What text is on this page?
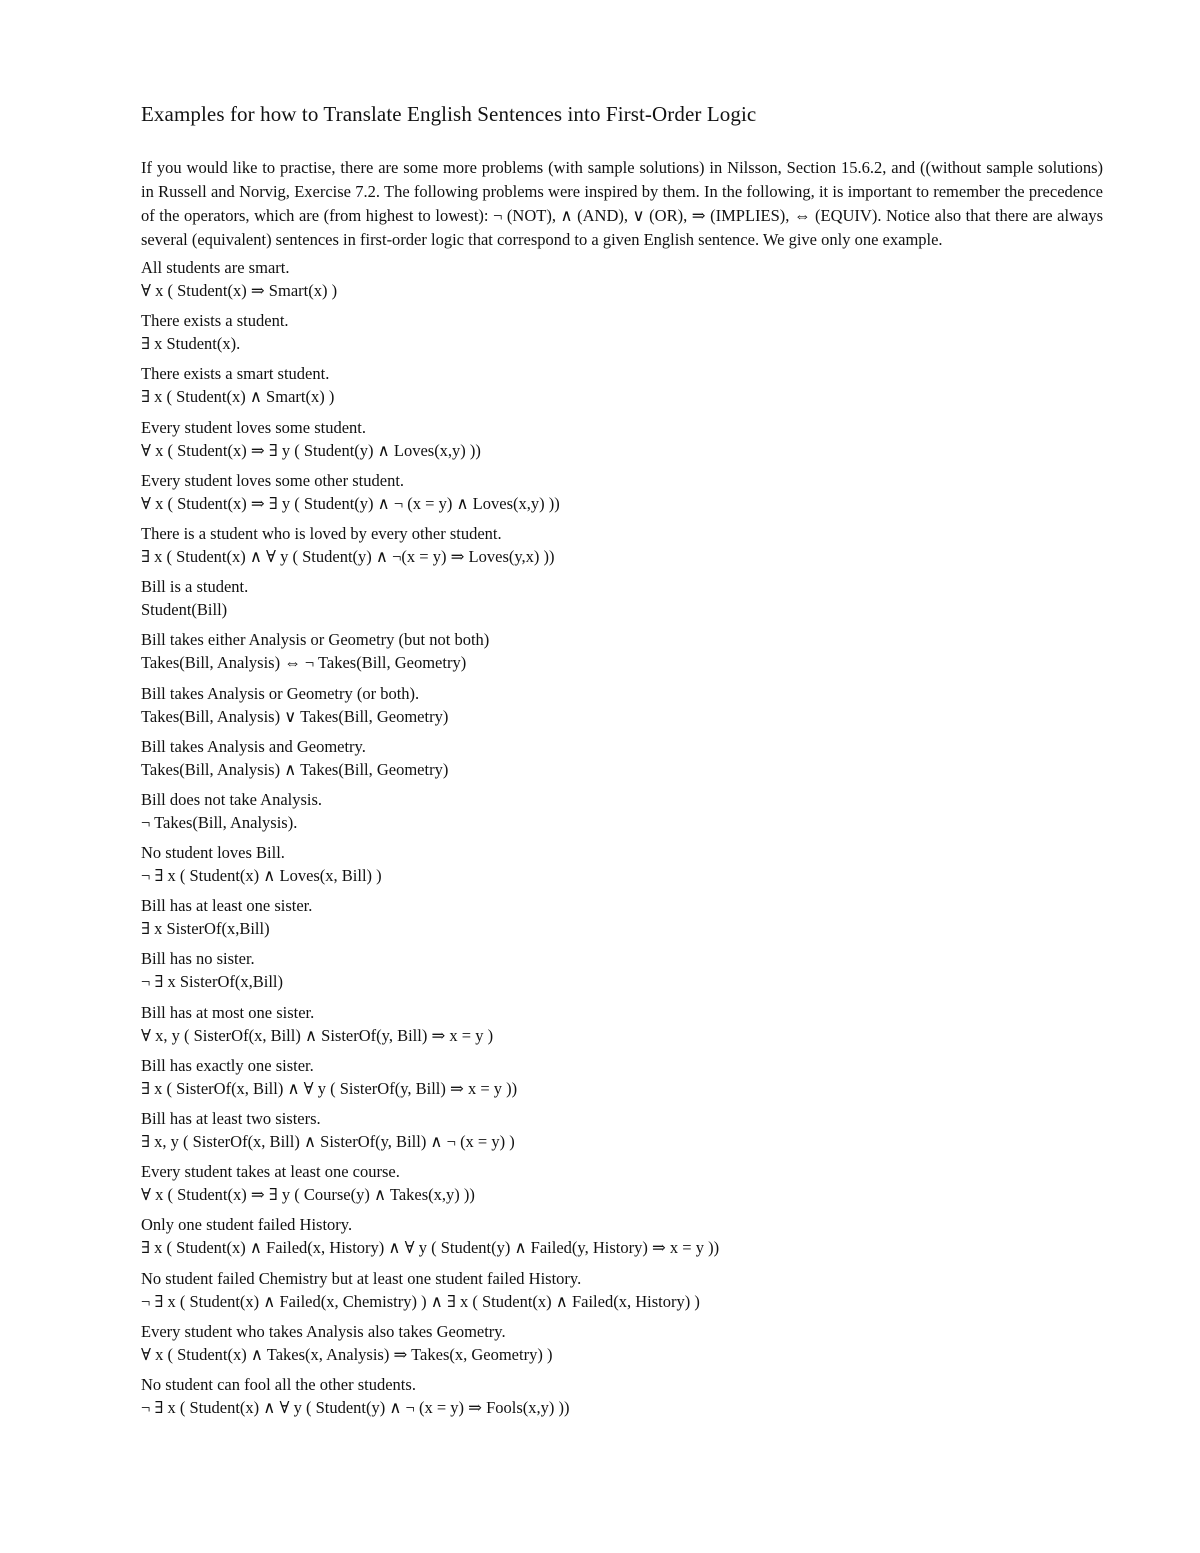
Examples for how to Translate English Sentences into First-Order Logic

If you would like to practise, there are some more problems (with sample solutions) in Nilsson, Section 15.6.2, and ((without sample solutions) in Russell and Norvig, Exercise 7.2. The following problems were inspired by them. In the following, it is important to remember the precedence of the operators, which are (from highest to lowest): ¬ (NOT), ∧ (AND), ∨ (OR), ⇒ (IMPLIES), ⇔ (EQUIV). Notice also that there are always several (equivalent) sentences in first-order logic that correspond to a given English sentence. We give only one example.

All students are smart.
∀ x ( Student(x) ⇒ Smart(x) )
There exists a student.
∃ x Student(x).
There exists a smart student.
∃ x ( Student(x) ∧ Smart(x) )
Every student loves some student.
∀ x ( Student(x) ⇒ ∃ y ( Student(y) ∧ Loves(x,y) ))
Every student loves some other student.
∀ x ( Student(x) ⇒ ∃ y ( Student(y) ∧ ¬ (x = y) ∧ Loves(x,y) ))
There is a student who is loved by every other student.
∃ x ( Student(x) ∧ ∀ y ( Student(y) ∧ ¬(x = y) ⇒ Loves(y,x) ))
Bill is a student.
Student(Bill)
Bill takes either Analysis or Geometry (but not both)
Takes(Bill, Analysis) ⇔ ¬ Takes(Bill, Geometry)
Bill takes Analysis or Geometry (or both).
Takes(Bill, Analysis) ∨ Takes(Bill, Geometry)
Bill takes Analysis and Geometry.
Takes(Bill, Analysis) ∧ Takes(Bill, Geometry)
Bill does not take Analysis.
¬ Takes(Bill, Analysis).
No student loves Bill.
¬ ∃ x ( Student(x) ∧ Loves(x, Bill) )
Bill has at least one sister.
∃ x SisterOf(x,Bill)
Bill has no sister.
¬ ∃ x SisterOf(x,Bill)
Bill has at most one sister.
∀ x, y ( SisterOf(x, Bill) ∧ SisterOf(y, Bill) ⇒ x = y )
Bill has exactly one sister.
∃ x ( SisterOf(x, Bill) ∧ ∀ y ( SisterOf(y, Bill) ⇒ x = y ))
Bill has at least two sisters.
∃ x, y ( SisterOf(x, Bill) ∧ SisterOf(y, Bill) ∧ ¬ (x = y) )
Every student takes at least one course.
∀ x ( Student(x) ⇒ ∃ y ( Course(y) ∧ Takes(x,y) ))
Only one student failed History.
∃ x ( Student(x) ∧ Failed(x, History) ∧ ∀ y ( Student(y) ∧ Failed(y, History) ⇒ x = y ))
No student failed Chemistry but at least one student failed History.
¬ ∃ x ( Student(x) ∧ Failed(x, Chemistry) ) ∧ ∃ x ( Student(x) ∧ Failed(x, History) )
Every student who takes Analysis also takes Geometry.
∀ x ( Student(x) ∧ Takes(x, Analysis) ⇒ Takes(x, Geometry) )
No student can fool all the other students.
¬ ∃ x ( Student(x) ∧ ∀ y ( Student(y) ∧ ¬ (x = y) ⇒ Fools(x,y) ))
